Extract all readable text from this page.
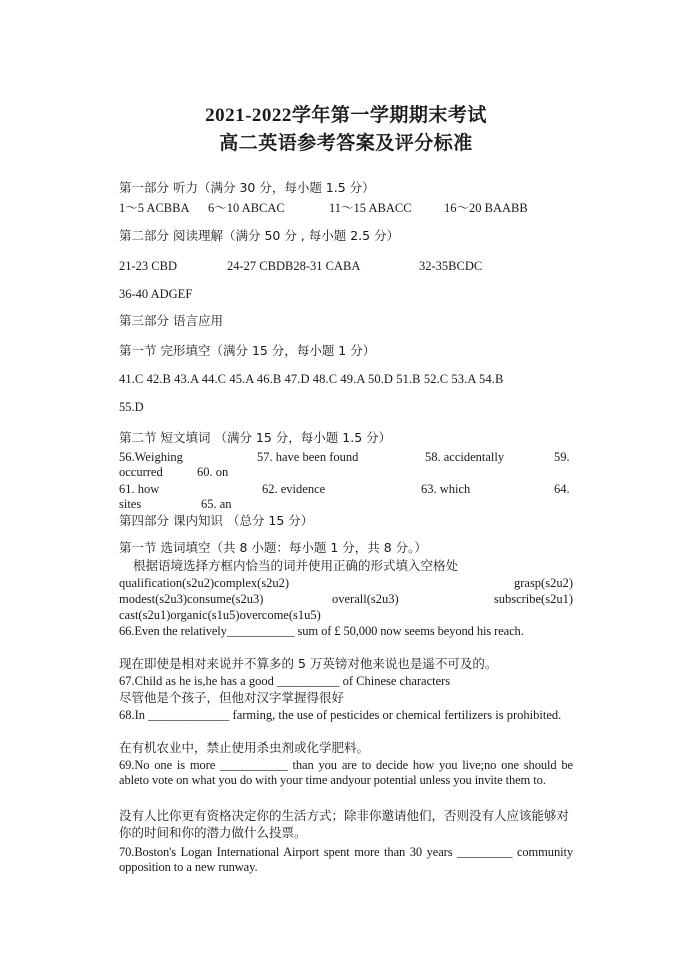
2021-2022学年第一学期期末考试
高二英语参考答案及评分标准
第一部分 听力（满分 30 分，每小题 1.5 分）
1～5 ACBBA 6～10 ABCAC	11～15 ABACC	16～20 BAABB
第二部分 阅读理解（满分 50 分 , 每小题 2.5 分）
21-23 CBD	24-27 CBDB28-31 CABA	32-35BCDC
36-40 ADGEF
第三部分 语言应用
第一节 完形填空（满分 15 分，每小题 1 分）
41.C 42.B 43.A 44.C 45.A 46.B 47.D 48.C 49.A 50.D 51.B 52.C 53.A 54.B
55.D
第二节 短文填词 （满分 15 分，每小题 1.5 分）
56.Weighing	57. have been found	58. accidentally	59.
occurred	60. on
61. how	62. evidence	63. which	64.
sites	65. an
第四部分 课内知识 （总分 15 分）
第一节 选词填空（共 8 小题：每小题 1 分，共 8 分。）
根据语境选择方框内恰当的词并使用正确的形式填入空格处
qualification(s2u2)complex(s2u2)	grasp(s2u2)
modest(s2u3)consume(s2u3)	overall(s2u3)	subscribe(s2u1)
cast(s2u1)organic(s1u5)overcome(s1u5)
66.Even the relatively___________ sum of £ 50,000 now seems beyond his reach.
现在即使是相对来说并不算多的 5 万英镑对他来说也是遥不可及的。
67.Child as he is,he has a good __________ of Chinese characters
尽管他是个孩子，但他对汉字掌握得很好
68.In _____________ farming, the use of pesticides or chemical fertilizers is prohibited.
在有机农业中，禁止使用杀虫剂或化学肥料。
69.No one is more ___________ than you are to decide how you live;no one should be ableto vote on what you do with your time andyour potential unless you invite them to.
没有人比你更有资格决定你的生活方式；除非你邀请他们，否则没有人应该能够对你的时间和你的潜力做什么投票。
70.Boston's Logan International Airport spent more than 30 years _________ community opposition to a new runway.
